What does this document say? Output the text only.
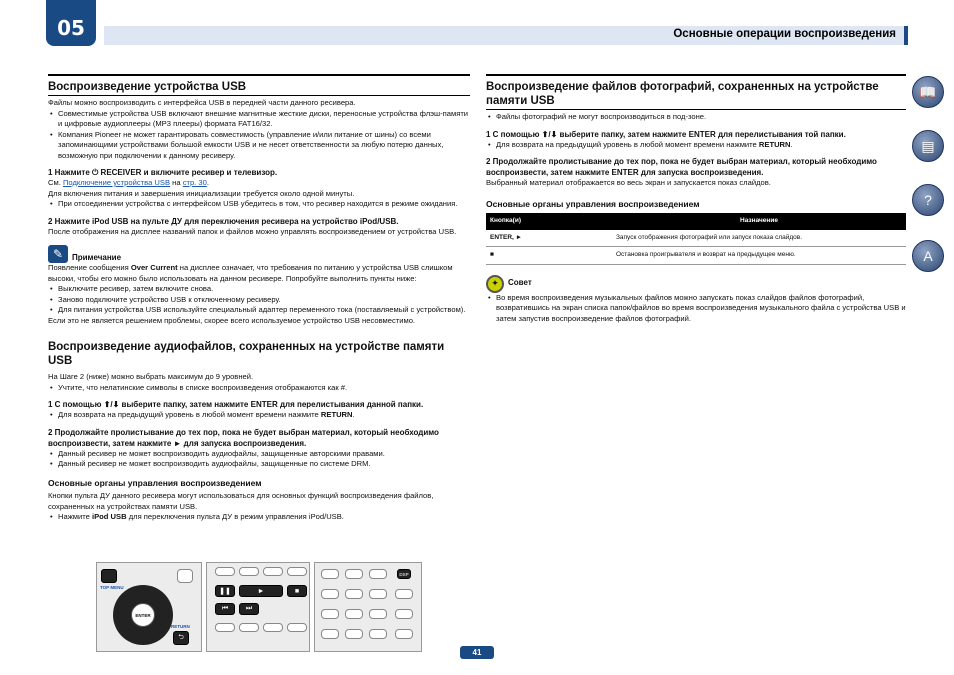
05	Основные операции воспроизведения
Воспроизведение устройства USB

Файлы можно воспроизводить с интерфейса USB в передней части данного ресивера.

• Совместимые устройства USB включают внешние магнитные жесткие диски, переносные устройства флэш-памяти и цифровые аудиоплееры (MP3 плееры) формата FAT16/32.
• Компания Pioneer не может гарантировать совместимость (управление и/или питание от шины) со всеми запоминающими устройствами большой емкости USB и не несет ответственности за любую потерю данных, возможную при подключении к данному ресиверу.
1 Нажмите ⏻ RECEIVER и включите ресивер и телевизор.

См. Подключение устройства USB на стр. 30.

Для включения питания и завершения инициализации требуется около одной минуты.

• При отсоединении устройства с интерфейсом USB убедитесь в том, что ресивер находится в режиме ожидания.
2 Нажмите iPod USB на пульте ДУ для переключения ресивера на устройство iPod/USB.

После отображения на дисплее названий папок и файлов можно управлять воспроизведением от устройства USB.

✎	Примечание

Появление сообщения Over Current на дисплее означает, что требования по питанию у устройства USB слишком высоки, чтобы его можно было использовать на данном ресивере. Попробуйте выполнить пункты ниже:

• Выключите ресивер, затем включите снова.
• Заново подключите устройство USB к отключенному ресиверу.
• Для питания устройства USB используйте специальный адаптер переменного тока (поставляемый с устройством).

Если это не является решением проблемы, скорее всего используемое устройство USB несовместимо.

Воспроизведение аудиофайлов, сохраненных на устройстве памяти USB

На Шаге 2 (ниже) можно выбрать максимум до 9 уровней.

• Учтите, что нелатинские символы в списке воспроизведения отображаются как #.
1 С помощью ⬆/⬇ выберите папку, затем нажмите ENTER для перелистывания данной папки.
• Для возврата на предыдущий уровень в любой момент времени нажмите RETURN.
2 Продолжайте пролистывание до тех пор, пока не будет выбран материал, который необходимо воспроизвести, затем нажмите ► для запуска воспроизведения.
• Данный ресивер не может воспроизводить аудиофайлы, защищенные авторскими правами.
• Данный ресивер не может воспроизводить аудиофайлы, защищенные по системе DRM.
Основные органы управления воспроизведением

Кнопки пульта ДУ данного ресивера могут использоваться для основных функций воспроизведения файлов, сохраненных на устройствах памяти USB.

• Нажмите iPod USB для переключения пульта ДУ в режим управления iPod/USB.
TOP MENU
ENTER
RETURN
⮌
❚❚	►	■
⏮	⏭
DSP
Воспроизведение файлов фотографий, сохраненных на устройстве памяти USB
• Файлы фотографий не могут воспроизводиться в под-зоне.
1 С помощью ⬆/⬇ выберите папку, затем нажмите ENTER для перелистывания той папки.
• Для возврата на предыдущий уровень в любой момент времени нажмите RETURN.
2 Продолжайте пролистывание до тех пор, пока не будет выбран материал, который необходимо воспроизвести, затем нажмите ENTER для запуска воспроизведения.

Выбранный материал отображается во весь экран и запускается показ слайдов.

Основные органы управления воспроизведением
Кнопка(и)	Назначение
ENTER, ►	Запуск отображения фотографий или запуск показа слайдов.
■	Остановка проигрывателя и возврат на предыдущее меню.
✦	Совет
• Во время воспроизведения музыкальных файлов можно запускать показ слайдов файлов фотографий, возвратившись на экран списка папок/файлов во время воспроизведения музыкального файла с устройства USB и затем запустив воспроизведение файлов фотографий.
📖
▤
?
A
41
